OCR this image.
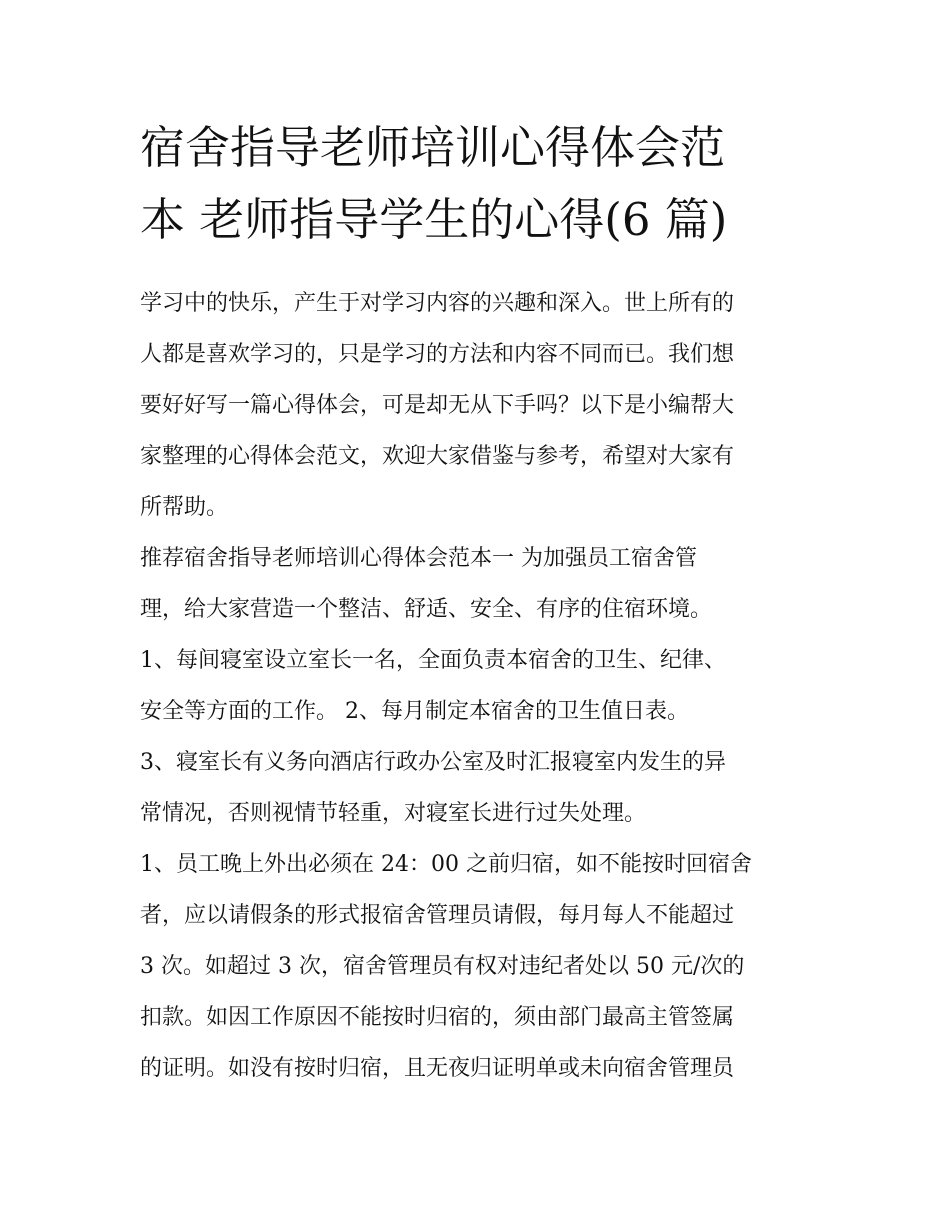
宿舍指导老师培训心得体会范
本 老师指导学生的心得(6 篇)
学习中的快乐，产生于对学习内容的兴趣和深入。世上所有的
人都是喜欢学习的，只是学习的方法和内容不同而已。我们想
要好好写一篇心得体会，可是却无从下手吗？以下是小编帮大
家整理的心得体会范文，欢迎大家借鉴与参考，希望对大家有
所帮助。
推荐宿舍指导老师培训心得体会范本一 为加强员工宿舍管
理，给大家营造一个整洁、舒适、安全、有序的住宿环境。
1、每间寝室设立室长一名，全面负责本宿舍的卫生、纪律、
安全等方面的工作。 2、每月制定本宿舍的卫生值日表。
3、寝室长有义务向酒店行政办公室及时汇报寝室内发生的异
常情况，否则视情节轻重，对寝室长进行过失处理。
1、员工晚上外出必须在 24：00 之前归宿，如不能按时回宿舍
者，应以请假条的形式报宿舍管理员请假，每月每人不能超过
3 次。如超过 3 次，宿舍管理员有权对违纪者处以 50 元/次的
扣款。如因工作原因不能按时归宿的，须由部门最高主管签属
的证明。如没有按时归宿，且无夜归证明单或未向宿舍管理员
